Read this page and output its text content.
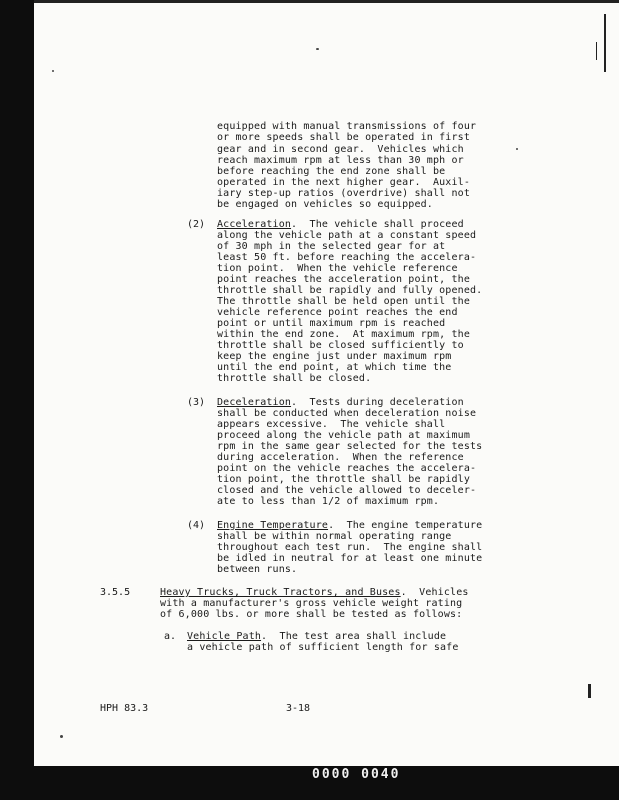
equipped with manual transmissions of four
or more speeds shall be operated in first
gear and in second gear.  Vehicles which
reach maximum rpm at less than 30 mph or
before reaching the end zone shall be
operated in the next higher gear.  Auxil-
iary step-up ratios (overdrive) shall not
be engaged on vehicles so equipped.
(2) Acceleration.  The vehicle shall proceed
along the vehicle path at a constant speed
of 30 mph in the selected gear for at
least 50 ft. before reaching the accelera-
tion point.  When the vehicle reference
point reaches the acceleration point, the
throttle shall be rapidly and fully opened.
The throttle shall be held open until the
vehicle reference point reaches the end
point or until maximum rpm is reached
within the end zone.  At maximum rpm, the
throttle shall be closed sufficiently to
keep the engine just under maximum rpm
until the end point, at which time the
throttle shall be closed.
(3) Deceleration.  Tests during deceleration
shall be conducted when deceleration noise
appears excessive.  The vehicle shall
proceed along the vehicle path at maximum
rpm in the same gear selected for the tests
during acceleration.  When the reference
point on the vehicle reaches the accelera-
tion point, the throttle shall be rapidly
closed and the vehicle allowed to deceler-
ate to less than 1/2 of maximum rpm.
(4) Engine Temperature.  The engine temperature
shall be within normal operating range
throughout each test run.  The engine shall
be idled in neutral for at least one minute
between runs.
3.5.5	Heavy Trucks, Truck Tractors, and Buses.  Vehicles
with a manufacturer's gross vehicle weight rating
of 6,000 lbs. or more shall be tested as follows:
a. Vehicle Path.  The test area shall include
a vehicle path of sufficient length for safe
HPH 83.3	3-18
0000 0040
